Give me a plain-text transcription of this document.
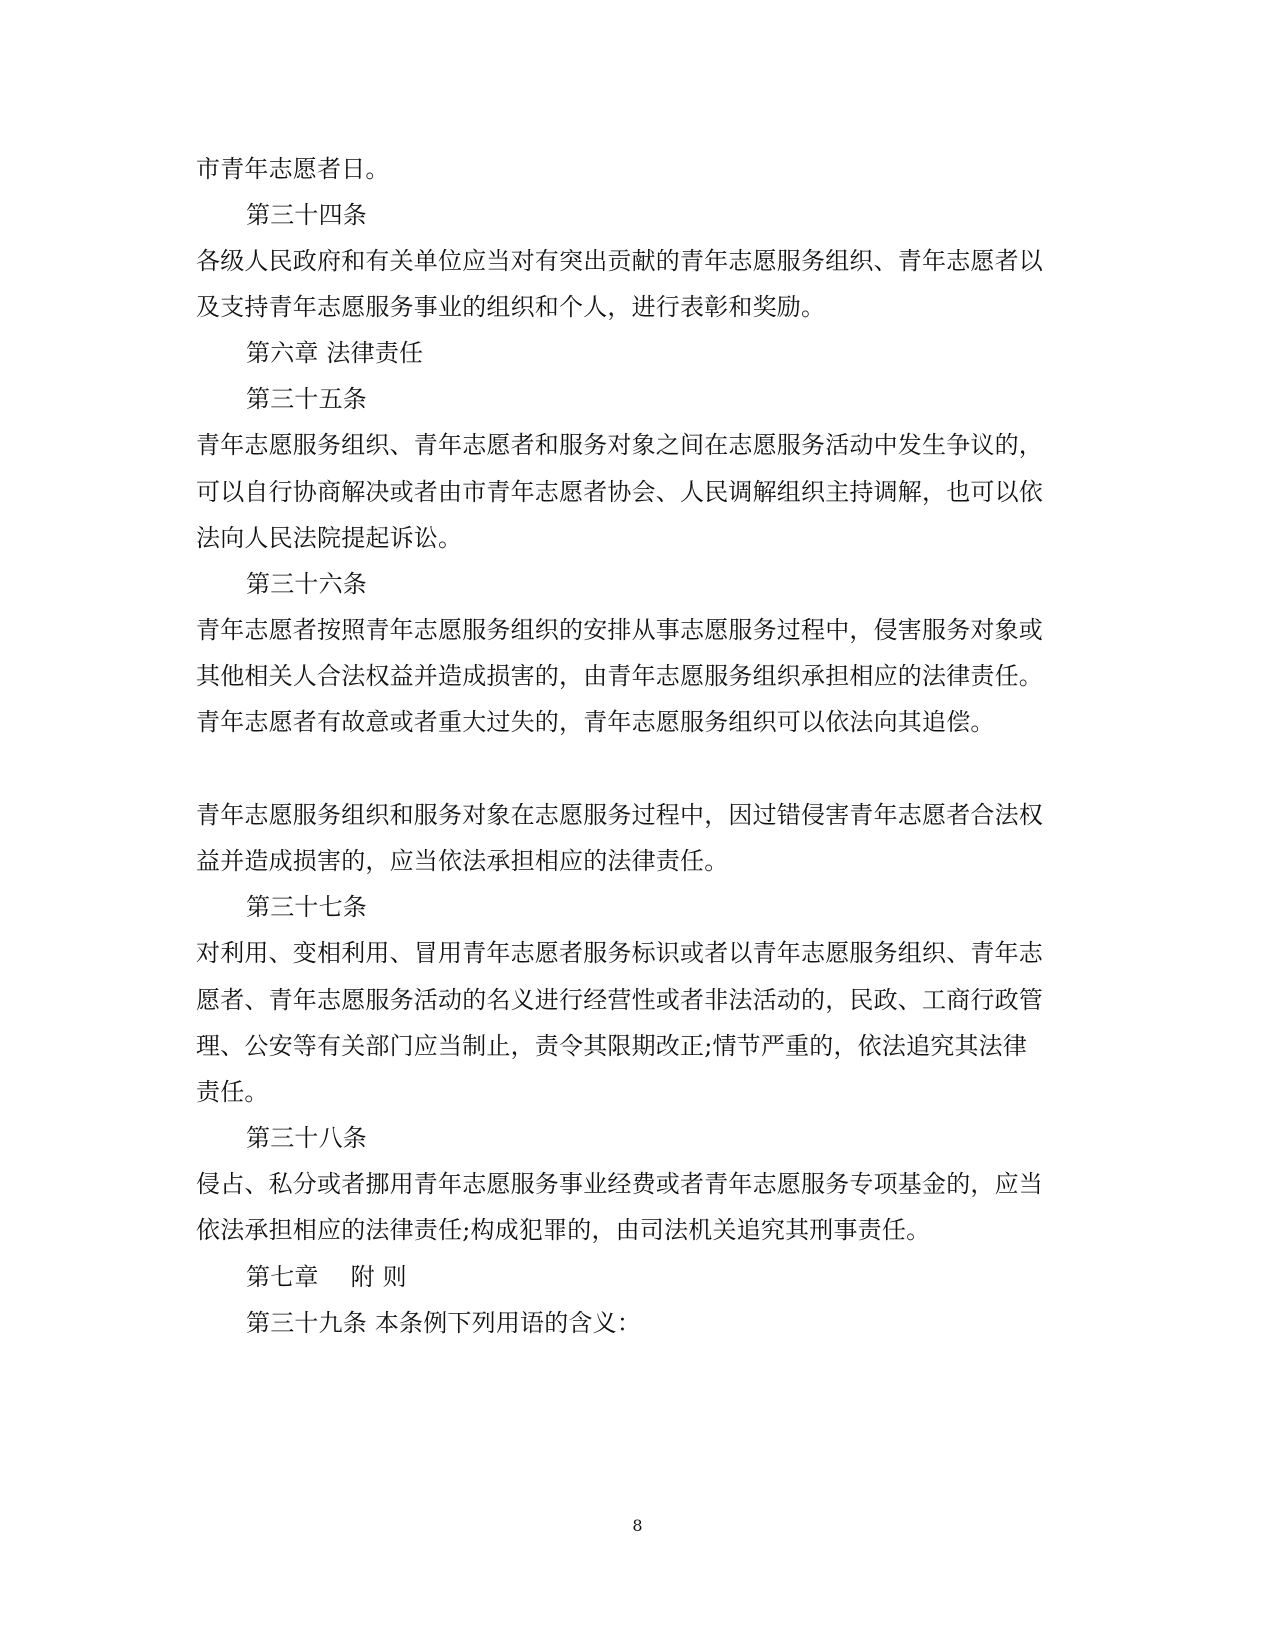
市青年志愿者日。
第三十四条
各级人民政府和有关单位应当对有突出贡献的青年志愿服务组织、青年志愿者以
及支持青年志愿服务事业的组织和个人，进行表彰和奖励。
第六章 法律责任
第三十五条
青年志愿服务组织、青年志愿者和服务对象之间在志愿服务活动中发生争议的，
可以自行协商解决或者由市青年志愿者协会、人民调解组织主持调解，也可以依
法向人民法院提起诉讼。
第三十六条
青年志愿者按照青年志愿服务组织的安排从事志愿服务过程中，侵害服务对象或
其他相关人合法权益并造成损害的，由青年志愿服务组织承担相应的法律责任。
青年志愿者有故意或者重大过失的，青年志愿服务组织可以依法向其追偿。
青年志愿服务组织和服务对象在志愿服务过程中，因过错侵害青年志愿者合法权
益并造成损害的，应当依法承担相应的法律责任。
第三十七条
对利用、变相利用、冒用青年志愿者服务标识或者以青年志愿服务组织、青年志
愿者、青年志愿服务活动的名义进行经营性或者非法活动的，民政、工商行政管
理、公安等有关部门应当制止，责令其限期改正;情节严重的，依法追究其法律
责任。
第三十八条
侵占、私分或者挪用青年志愿服务事业经费或者青年志愿服务专项基金的，应当
依法承担相应的法律责任;构成犯罪的，由司法机关追究其刑事责任。
第七章　 附 则
第三十九条 本条例下列用语的含义：
8
